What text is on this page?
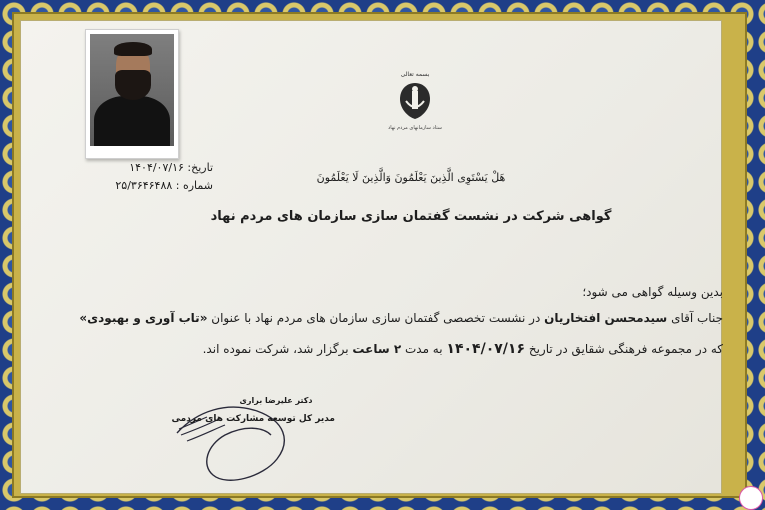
تاریخ: ۱۴۰۴/۰۷/۱۶
شماره : ۲۵/۳۶۴۶۴۸۸
بسمه تعالی
ستاد سازمانهای مردم نهاد
هَلْ یَسْتَوِی الَّذِینَ یَعْلَمُونَ وَالَّذِینَ لَا یَعْلَمُونَ
گواهی شرکت در نشست گفتمان سازی سازمان های مردم نهاد
بدین وسیله گواهی می شود؛
جناب آقای سیدمحسن افتخاریان در نشست تخصصی گفتمان سازی سازمان های مردم نهاد با عنوان «تاب آوری و بهبودی»
که در مجموعه فرهنگی شقایق در تاریخ ۱۴۰۴/۰۷/۱۶ به مدت ۲ ساعت برگزار شد، شرکت نموده اند.
دکتر علیرضا براری
مدیر کل توسعه مشارکت های مردمی
